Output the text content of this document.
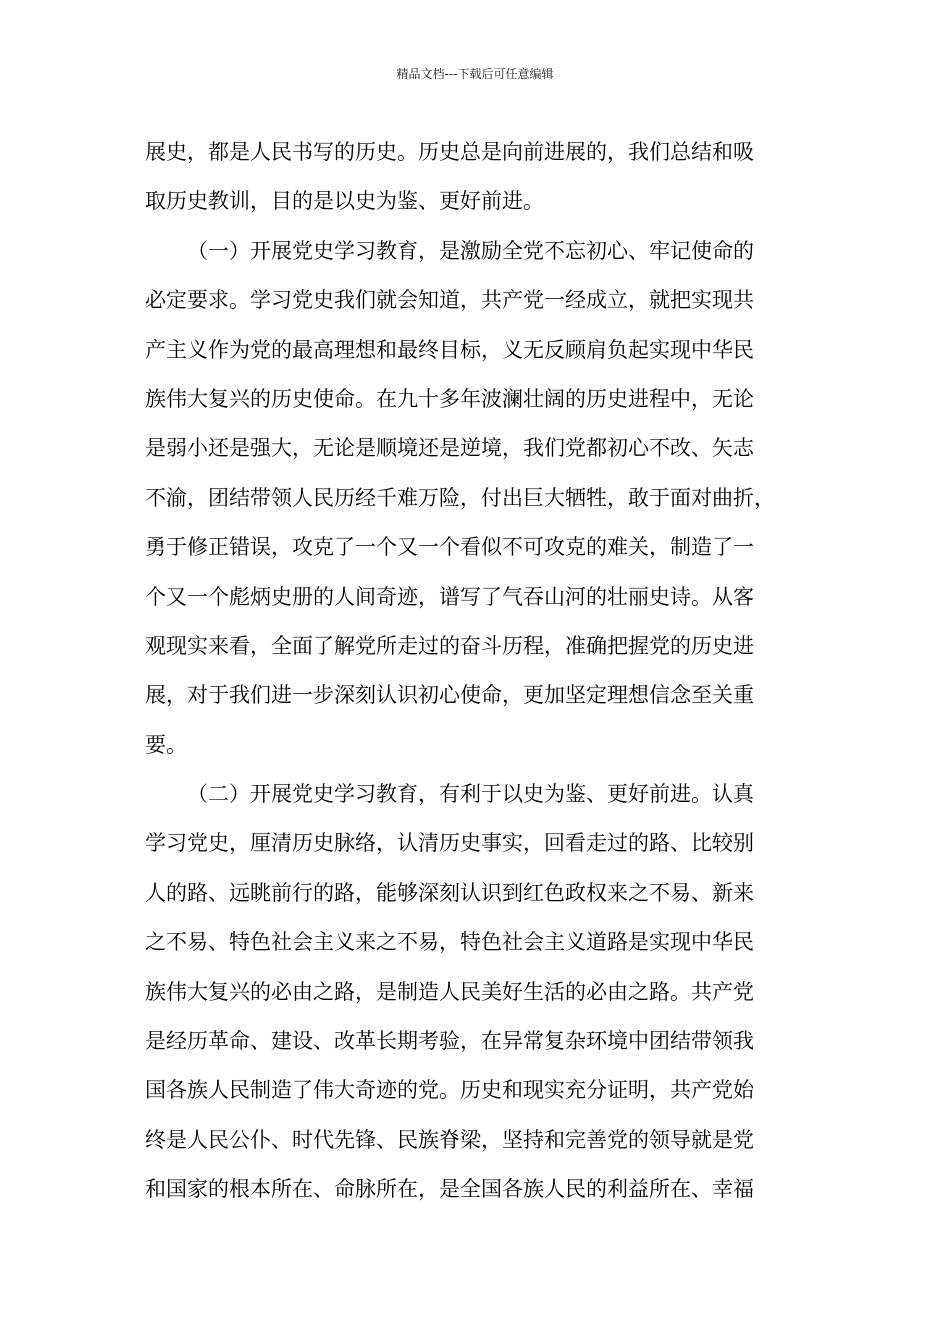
精品文档---下载后可任意编辑
展史，都是人民书写的历史。历史总是向前进展的，我们总结和吸
取历史教训，目的是以史为鉴、更好前进。
（一）开展党史学习教育，是激励全党不忘初心、牢记使命的
必定要求。学习党史我们就会知道，共产党一经成立，就把实现共
产主义作为党的最高理想和最终目标，义无反顾肩负起实现中华民
族伟大复兴的历史使命。在九十多年波澜壮阔的历史进程中，无论
是弱小还是强大，无论是顺境还是逆境，我们党都初心不改、矢志
不渝，团结带领人民历经千难万险，付出巨大牺牲，敢于面对曲折，
勇于修正错误，攻克了一个又一个看似不可攻克的难关，制造了一
个又一个彪炳史册的人间奇迹，谱写了气吞山河的壮丽史诗。从客
观现实来看，全面了解党所走过的奋斗历程，准确把握党的历史进
展，对于我们进一步深刻认识初心使命，更加坚定理想信念至关重
要。
（二）开展党史学习教育，有利于以史为鉴、更好前进。认真
学习党史，厘清历史脉络，认清历史事实，回看走过的路、比较别
人的路、远眺前行的路，能够深刻认识到红色政权来之不易、新来
之不易、特色社会主义来之不易，特色社会主义道路是实现中华民
族伟大复兴的必由之路，是制造人民美好生活的必由之路。共产党
是经历革命、建设、改革长期考验，在异常复杂环境中团结带领我
国各族人民制造了伟大奇迹的党。历史和现实充分证明，共产党始
终是人民公仆、时代先锋、民族脊梁，坚持和完善党的领导就是党
和国家的根本所在、命脉所在，是全国各族人民的利益所在、幸福
